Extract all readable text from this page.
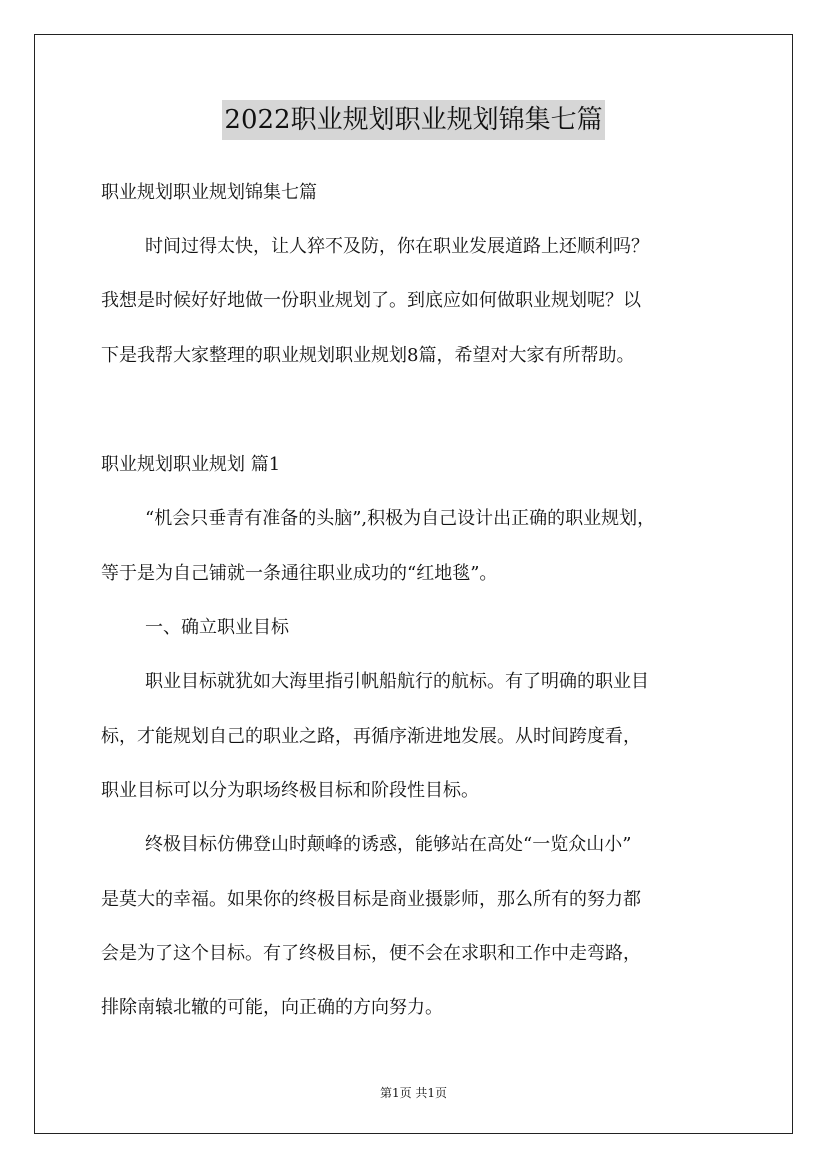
2022职业规划职业规划锦集七篇
职业规划职业规划锦集七篇
时间过得太快，让人猝不及防，你在职业发展道路上还顺利吗？
我想是时候好好地做一份职业规划了。到底应如何做职业规划呢？以
下是我帮大家整理的职业规划职业规划8篇，希望对大家有所帮助。
职业规划职业规划 篇1
“机会只垂青有准备的头脑”,积极为自己设计出正确的职业规划，
等于是为自己铺就一条通往职业成功的“红地毯”。
一、确立职业目标
职业目标就犹如大海里指引帆船航行的航标。有了明确的职业目
标，才能规划自己的职业之路，再循序渐进地发展。从时间跨度看，
职业目标可以分为职场终极目标和阶段性目标。
终极目标仿佛登山时颠峰的诱惑，能够站在高处“一览众山小”
是莫大的幸福。如果你的终极目标是商业摄影师，那么所有的努力都
会是为了这个目标。有了终极目标，便不会在求职和工作中走弯路，
排除南辕北辙的可能，向正确的方向努力。
第1页 共1页
